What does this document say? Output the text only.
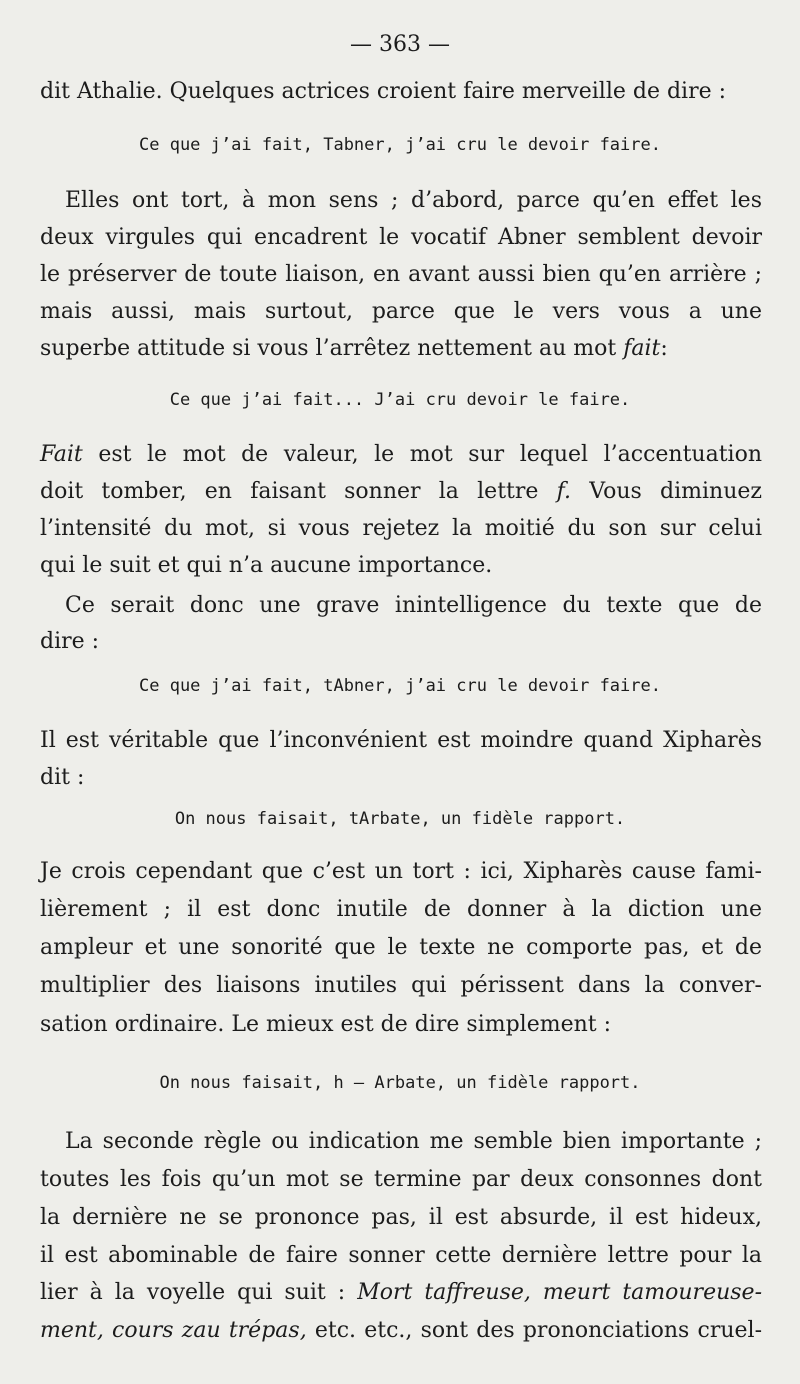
— 363 —
dit Athalie. Quelques actrices croient faire merveille de dire :
Ce que j’ai fait, Tabner, j’ai cru le devoir faire.
Elles ont tort, à mon sens ; d’abord, parce qu’en effet les
deux virgules qui encadrent le vocatif Abner semblent devoir
le préserver de toute liaison, en avant aussi bien qu’en arrière ;
mais aussi, mais surtout, parce que le vers vous a une
superbe attitude si vous l’arrêtez nettement au mot fait:
Ce que j’ai fait... J’ai cru devoir le faire.
Fait est le mot de valeur, le mot sur lequel l’accentuation
doit tomber, en faisant sonner la lettre f. Vous diminuez
l’intensité du mot, si vous rejetez la moitié du son sur celui
qui le suit et qui n’a aucune importance.
Ce serait donc une grave inintelligence du texte que de
dire :
Ce que j’ai fait, tAbner, j’ai cru le devoir faire.
Il est véritable que l’inconvénient est moindre quand Xipharès
dit :
On nous faisait, tArbate, un fidèle rapport.
Je crois cependant que c’est un tort : ici, Xipharès cause fami-
lièrement ; il est donc inutile de donner à la diction une
ampleur et une sonorité que le texte ne comporte pas, et de
multiplier des liaisons inutiles qui périssent dans la conver-
sation ordinaire. Le mieux est de dire simplement :
On nous faisait, h — Arbate, un fidèle rapport.
La seconde règle ou indication me semble bien importante ;
toutes les fois qu’un mot se termine par deux consonnes dont
la dernière ne se prononce pas, il est absurde, il est hideux,
il est abominable de faire sonner cette dernière lettre pour la
lier à la voyelle qui suit : Mort taffreuse, meurt tamoureuse-
ment, cours zau trépas, etc. etc., sont des prononciations cruel-
